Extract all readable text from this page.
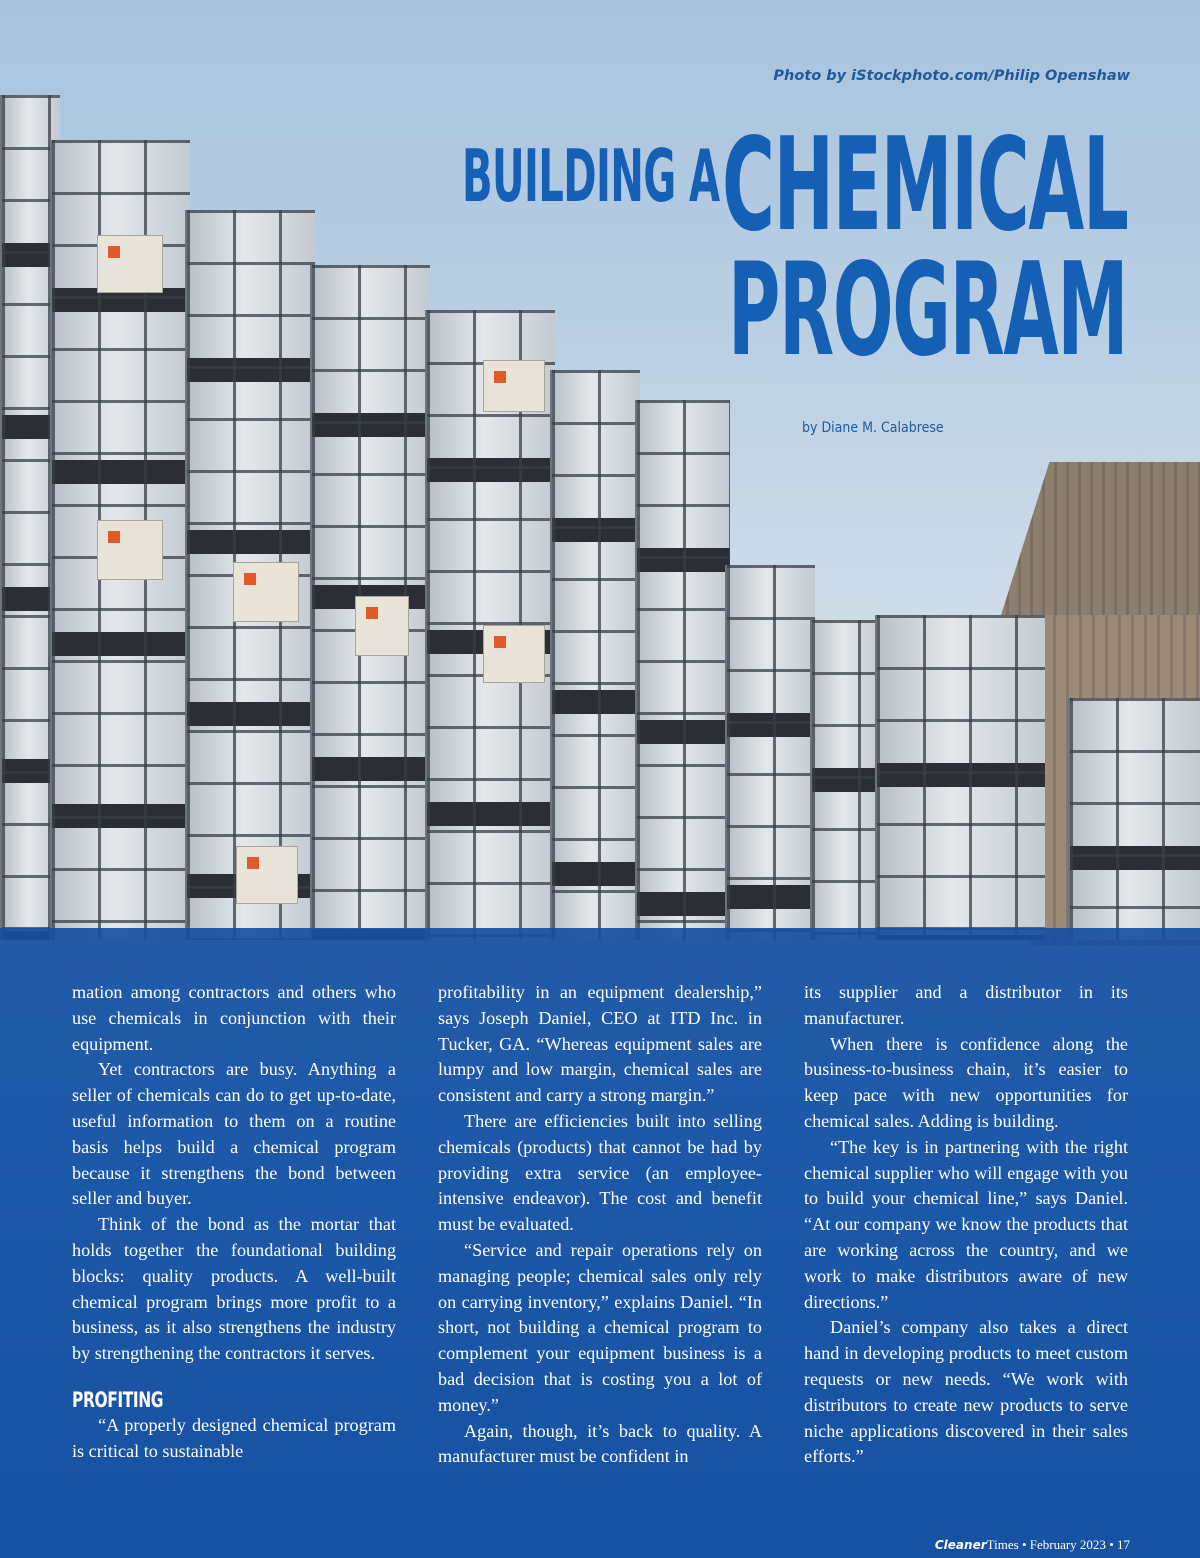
Photo by iStockphoto.com/Philip Openshaw
BUILDING A CHEMICAL
PROGRAM
by Diane M. Calabrese

mation among contractors and others who use chemicals in conjunction with their equipment.

Yet contractors are busy. Anything a seller of chemicals can do to get up-to-date, useful information to them on a routine basis helps build a chemical program because it strengthens the bond between seller and buyer.

Think of the bond as the mortar that holds together the foundational building blocks: quality products. A well-built chemical program brings more profit to a business, as it also strengthens the industry by strengthening the contractors it serves.

PROFITING

“A properly designed chemical program is critical to sustainable

profitability in an equipment dealership,” says Joseph Daniel, CEO at ITD Inc. in Tucker, GA. “Whereas equipment sales are lumpy and low margin, chemical sales are consistent and carry a strong margin.”

There are efficiencies built into selling chemicals (products) that cannot be had by providing extra service (an employee-intensive endeavor). The cost and benefit must be evaluated.

“Service and repair operations rely on managing people; chemical sales only rely on carrying inventory,” explains Daniel. “In short, not building a chemical program to complement your equipment business is a bad decision that is costing you a lot of money.”

Again, though, it’s back to quality. A manufacturer must be confident in

its supplier and a distributor in its manufacturer.

When there is confidence along the business-to-business chain, it’s easier to keep pace with new opportunities for chemical sales. Adding is building.

“The key is in partnering with the right chemical supplier who will engage with you to build your chemical line,” says Daniel. “At our company we know the products that are working across the country, and we work to make distributors aware of new directions.”

Daniel’s company also takes a direct hand in developing products to meet custom requests or new needs. “We work with distributors to create new products to serve niche applications discovered in their sales efforts.”

CleanerTimes • February 2023 • 17
